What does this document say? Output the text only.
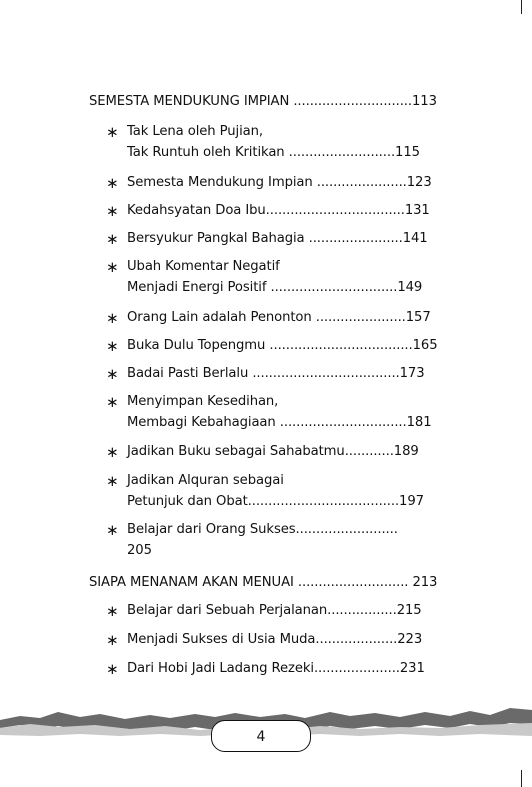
SEMESTA MENDUKUNG IMPIAN .............................113
∗ Tak Lena oleh Pujian,
Tak Runtuh oleh Kritikan ..........................115
∗ Semesta Mendukung Impian ......................123
∗ Kedahsyatan Doa Ibu..................................131
∗ Bersyukur Pangkal Bahagia .......................141
∗ Ubah Komentar Negatif
Menjadi Energi Positif ...............................149
∗ Orang Lain adalah Penonton ......................157
∗ Buka Dulu Topengmu ...................................165
∗ Badai Pasti Berlalu ....................................173
∗ Menyimpan Kesedihan,
Membagi Kebahagiaan ...............................181
∗ Jadikan Buku sebagai Sahabatmu............189
∗ Jadikan Alquran sebagai
Petunjuk dan Obat.....................................197
∗ Belajar dari Orang Sukses.........................
205
SIAPA MENANAM AKAN MENUAI ........................... 213
∗ Belajar dari Sebuah Perjalanan.................215
∗ Menjadi Sukses di Usia Muda....................223
∗ Dari Hobi Jadi Ladang Rezeki.....................231
4
